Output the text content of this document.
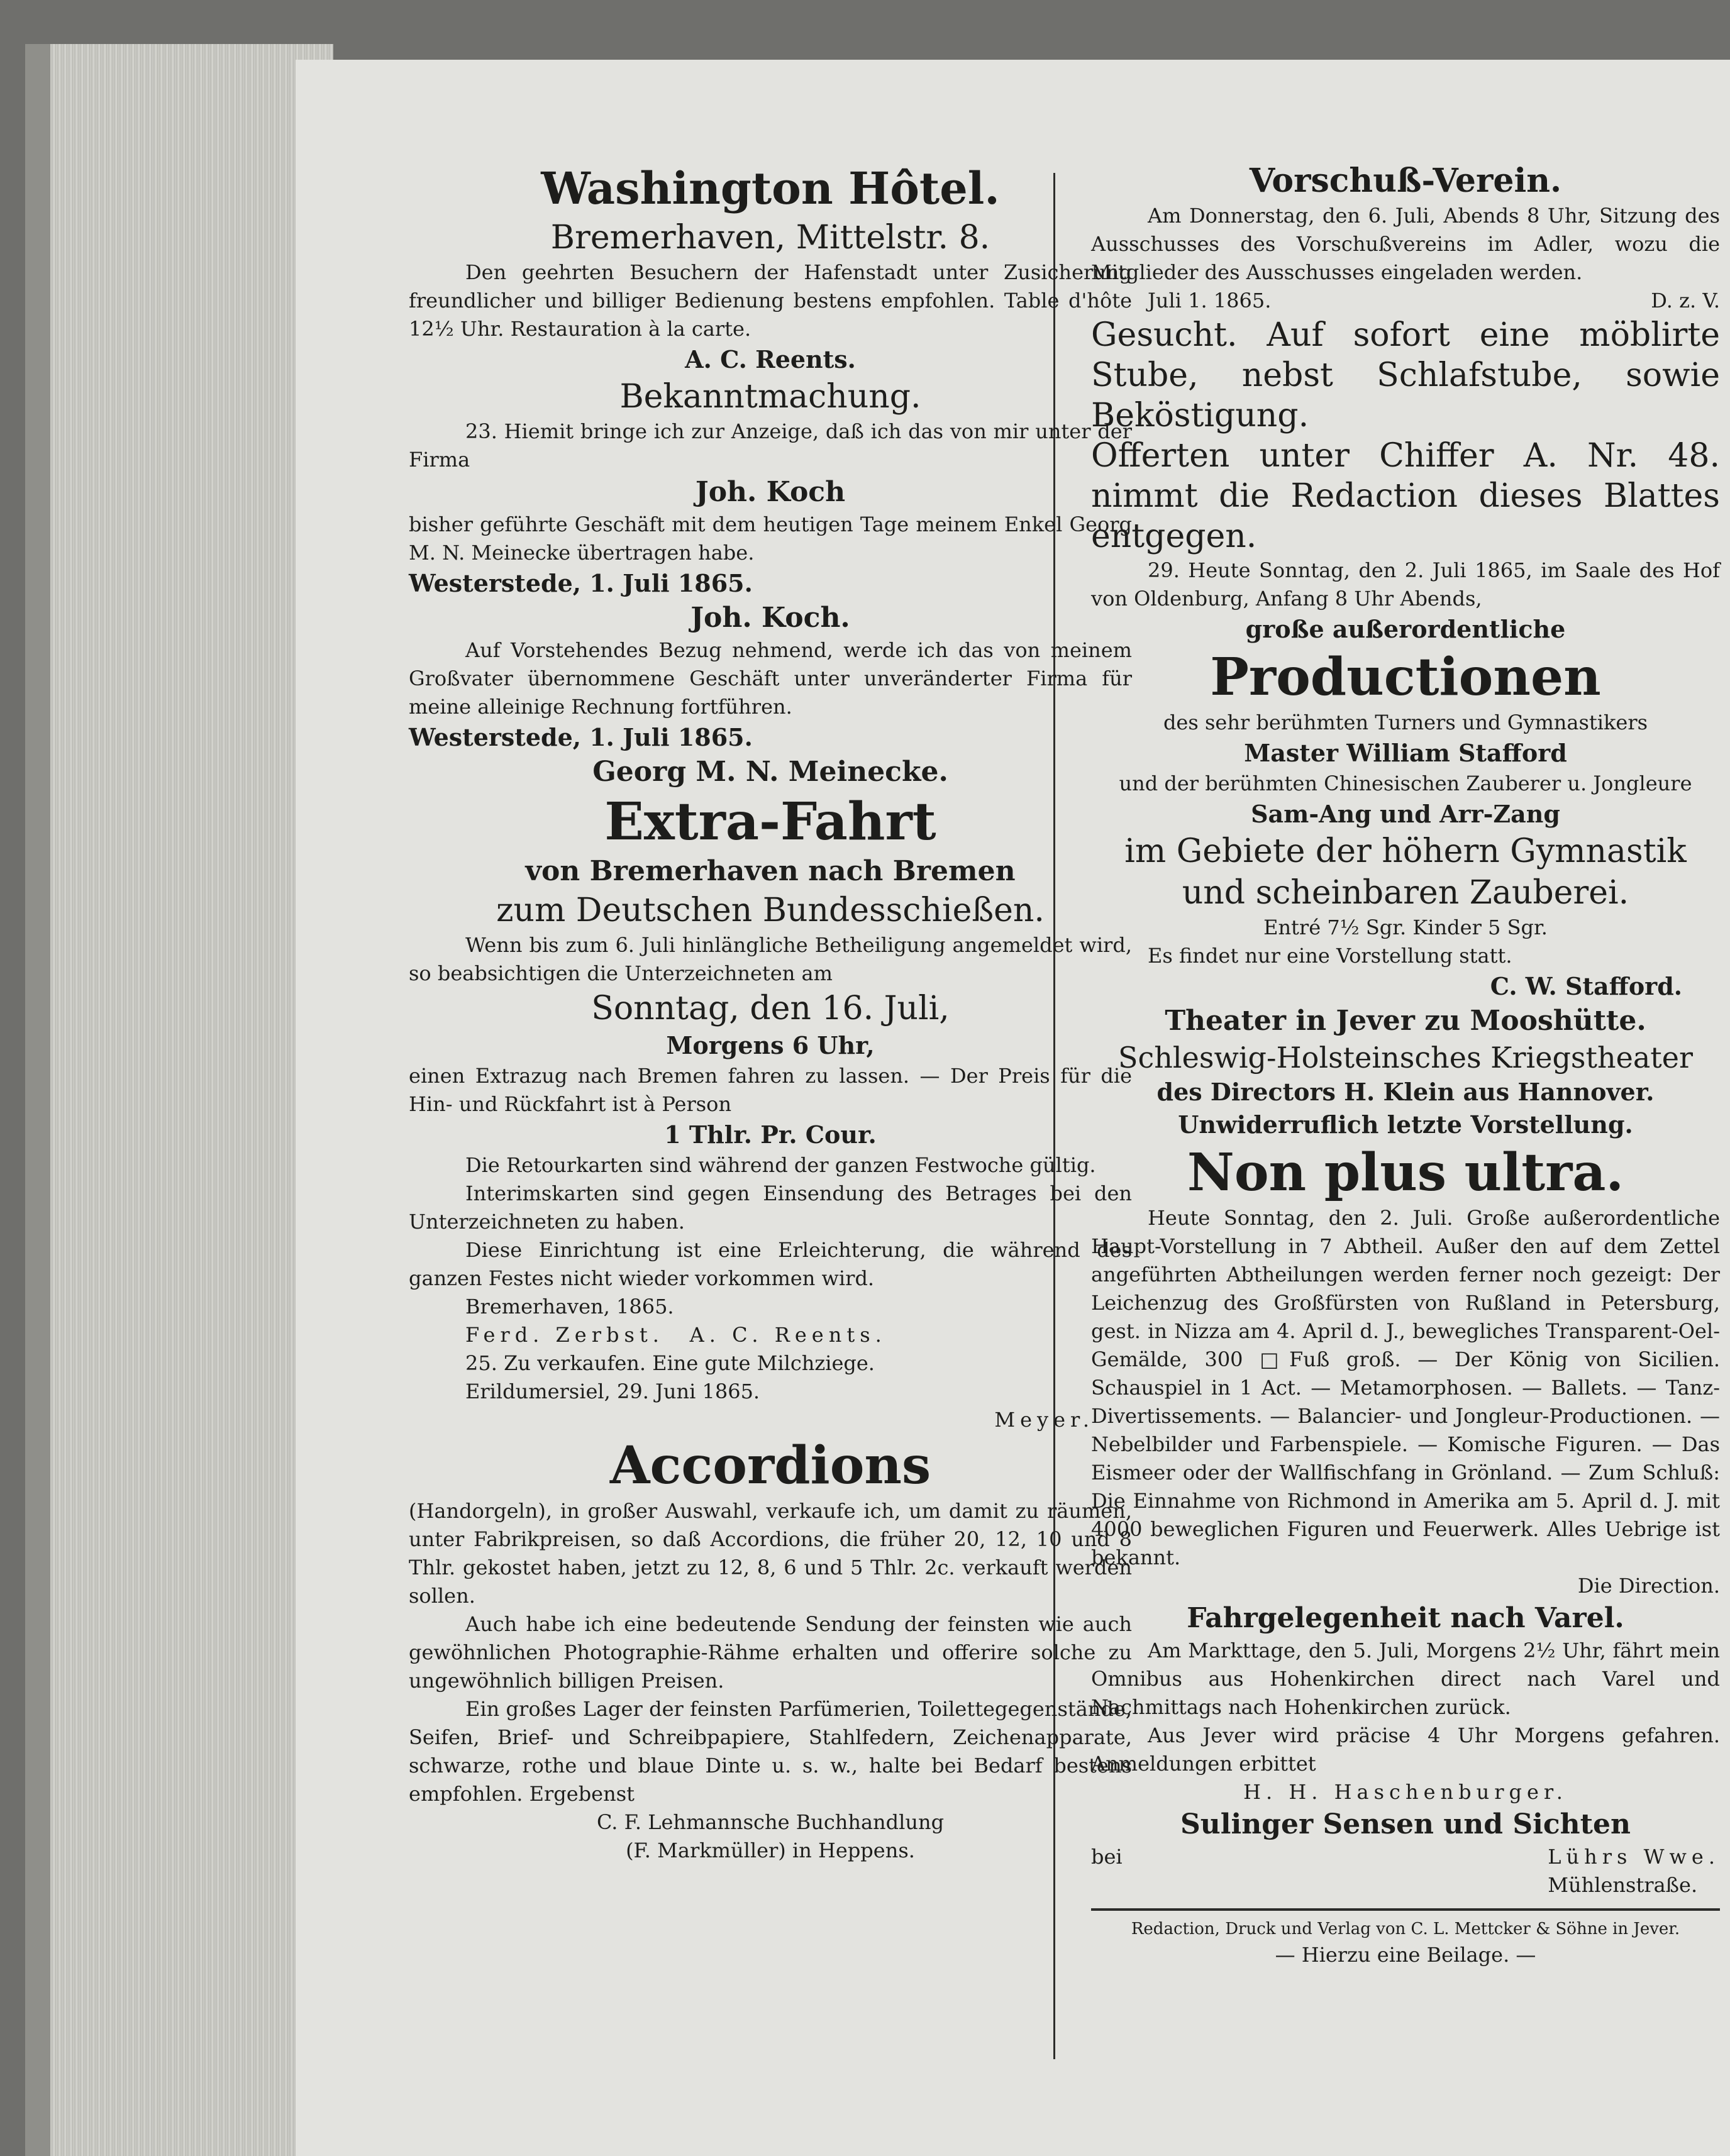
Washington Hôtel.
Bremerhaven, Mittelstr. 8.

Den geehrten Besuchern der Hafenstadt unter Zusicherung freundlicher und billiger Bedienung bestens empfohlen. Table d'hôte 12½ Uhr. Restauration à la carte.

A. C. Reents.
Bekanntmachung.

23. Hiemit bringe ich zur Anzeige, daß ich das von mir unter der Firma

Joh. Koch

bisher geführte Geschäft mit dem heutigen Tage meinem Enkel Georg M. N. Meinecke übertragen habe.

Westerstede, 1. Juli 1865.

Joh. Koch.

Auf Vorstehendes Bezug nehmend, werde ich das von meinem Großvater übernommene Geschäft unter unveränderter Firma für meine alleinige Rechnung fortführen.

Westerstede, 1. Juli 1865.

Georg M. N. Meinecke.
Extra-Fahrt
von Bremerhaven nach Bremen
zum Deutschen Bundesschießen.

Wenn bis zum 6. Juli hinlängliche Betheiligung angemeldet wird, so beabsichtigen die Unterzeichneten am

Sonntag, den 16. Juli,
Morgens 6 Uhr,

einen Extrazug nach Bremen fahren zu lassen. — Der Preis für die Hin- und Rückfahrt ist à Person

1 Thlr. Pr. Cour.

Die Retourkarten sind während der ganzen Festwoche gültig.

Interimskarten sind gegen Einsendung des Betrages bei den Unterzeichneten zu haben.

Diese Einrichtung ist eine Erleichterung, die während des ganzen Festes nicht wieder vorkommen wird.

Bremerhaven, 1865.

Ferd. Zerbst. A. C. Reents.

25. Zu verkaufen. Eine gute Milchziege.

Erildumersiel, 29. Juni 1865.

Meyer.

Accordions

(Handorgeln), in großer Auswahl, verkaufe ich, um damit zu räumen, unter Fabrikpreisen, so daß Accordions, die früher 20, 12, 10 und 8 Thlr. gekostet haben, jetzt zu 12, 8, 6 und 5 Thlr. 2c. verkauft werden sollen.

Auch habe ich eine bedeutende Sendung der feinsten wie auch gewöhnlichen Photographie-Rähme erhalten und offerire solche zu ungewöhnlich billigen Preisen.

Ein großes Lager der feinsten Parfümerien, Toilettegegenstände, Seifen, Brief- und Schreibpapiere, Stahlfedern, Zeichenapparate, schwarze, rothe und blaue Dinte u. s. w., halte bei Bedarf bestens empfohlen. Ergebenst

C. F. Lehmannsche Buchhandlung

(F. Markmüller) in Heppens.

Vorschuß-Verein.

Am Donnerstag, den 6. Juli, Abends 8 Uhr, Sitzung des Ausschusses des Vorschußvereins im Adler, wozu die Mitglieder des Ausschusses eingeladen werden.

Juli 1. 1865.	D. z. V.

Gesucht. Auf sofort eine möblirte Stube, nebst Schlafstube, sowie Beköstigung.

Offerten unter Chiffer A. Nr. 48. nimmt die Redaction dieses Blattes entgegen.

29. Heute Sonntag, den 2. Juli 1865, im Saale des Hof von Oldenburg, Anfang 8 Uhr Abends,

große außerordentliche
Productionen

des sehr berühmten Turners und Gymnastikers

Master William Stafford

und der berühmten Chinesischen Zauberer u. Jongleure

Sam-Ang und Arr-Zang
im Gebiete der höhern Gymnastik und scheinbaren Zauberei.

Entré 7½ Sgr. Kinder 5 Sgr.

Es findet nur eine Vorstellung statt.

C. W. Stafford.
Theater in Jever zu Mooshütte.
Schleswig-Holsteinsches Kriegstheater
des Directors H. Klein aus Hannover.
Unwiderruflich letzte Vorstellung.
Non plus ultra.

Heute Sonntag, den 2. Juli. Große außerordentliche Haupt-Vorstellung in 7 Abtheil. Außer den auf dem Zettel angeführten Abtheilungen werden ferner noch gezeigt: Der Leichenzug des Großfürsten von Rußland in Petersburg, gest. in Nizza am 4. April d. J., bewegliches Transparent-Oel-Gemälde, 300 □Fuß groß. — Der König von Sicilien. Schauspiel in 1 Act. — Metamorphosen. — Ballets. — Tanz-Divertissements. — Balancier- und Jongleur-Productionen. — Nebelbilder und Farbenspiele. — Komische Figuren. — Das Eismeer oder der Wallfischfang in Grönland. — Zum Schluß: Die Einnahme von Richmond in Amerika am 5. April d. J. mit 4000 beweglichen Figuren und Feuerwerk. Alles Uebrige ist bekannt.

Die Direction.

Fahrgelegenheit nach Varel.

Am Markttage, den 5. Juli, Morgens 2½ Uhr, fährt mein Omnibus aus Hohenkirchen direct nach Varel und Nachmittags nach Hohenkirchen zurück.

Aus Jever wird präcise 4 Uhr Morgens gefahren. Anmeldungen erbittet

H. H. Haschenburger.

Sulinger Sensen und Sichten

bei	Lührs Wwe.

Mühlenstraße.

Redaction, Druck und Verlag von C. L. Mettcker & Söhne in Jever.

— Hierzu eine Beilage. —
